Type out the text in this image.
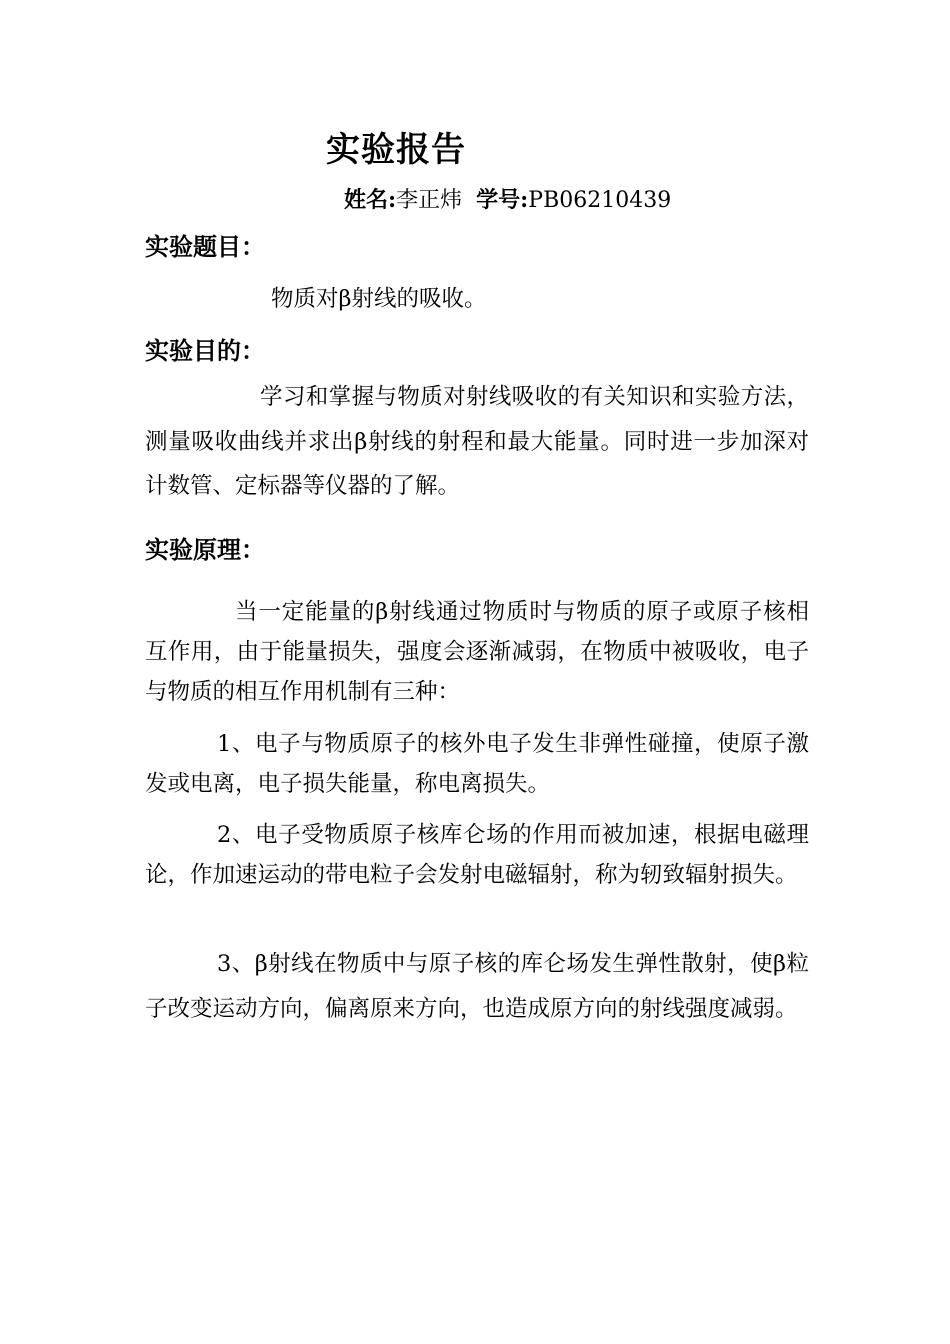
实验报告
姓名:李正炜 学号:PB06210439
实验题目：
物质对β射线的吸收。
实验目的：
学习和掌握与物质对射线吸收的有关知识和实验方法，测量吸收曲线并求出β射线的射程和最大能量。同时进一步加深对计数管、定标器等仪器的了解。
实验原理：
当一定能量的β射线通过物质时与物质的原子或原子核相互作用，由于能量损失，强度会逐渐减弱，在物质中被吸收，电子与物质的相互作用机制有三种：
1、电子与物质原子的核外电子发生非弹性碰撞，使原子激发或电离，电子损失能量，称电离损失。
2、电子受物质原子核库仑场的作用而被加速，根据电磁理论，作加速运动的带电粒子会发射电磁辐射，称为轫致辐射损失。
3、β射线在物质中与原子核的库仑场发生弹性散射，使β粒子改变运动方向，偏离原来方向，也造成原方向的射线强度减弱。
